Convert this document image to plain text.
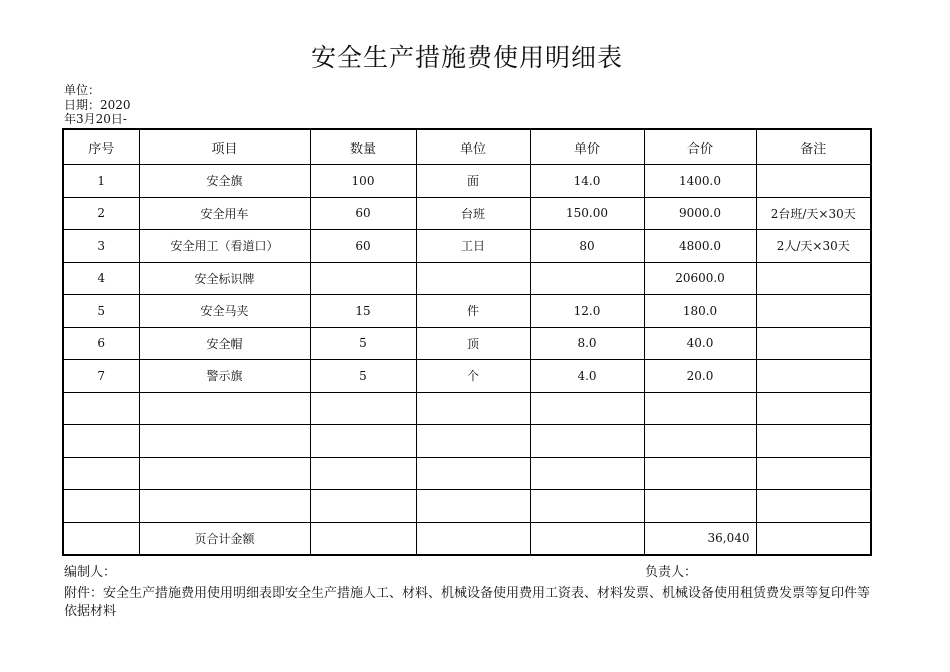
安全生产措施费使用明细表
单位：
日期：2020年3月20日-
序号	项目	数量	单位	单价	合价	备注
1	安全旗	100	面	14.0	1400.0	
2	安全用车	60	台班	150.00	9000.0	2台班/天×30天
3	安全用工（看道口）	60	工日	80	4800.0	2人/天×30天
4	安全标识牌				20600.0	
5	安全马夹	15	件	12.0	180.0	
6	安全帽	5	顶	8.0	40.0	
7	警示旗	5	个	4.0	20.0	

	页合计金额				36,040	
编制人：	负责人：
附件：安全生产措施费用使用明细表即安全生产措施人工、材料、机械设备使用费用工资表、材料发票、机械设备使用租赁费发票等复印件等依据材料
